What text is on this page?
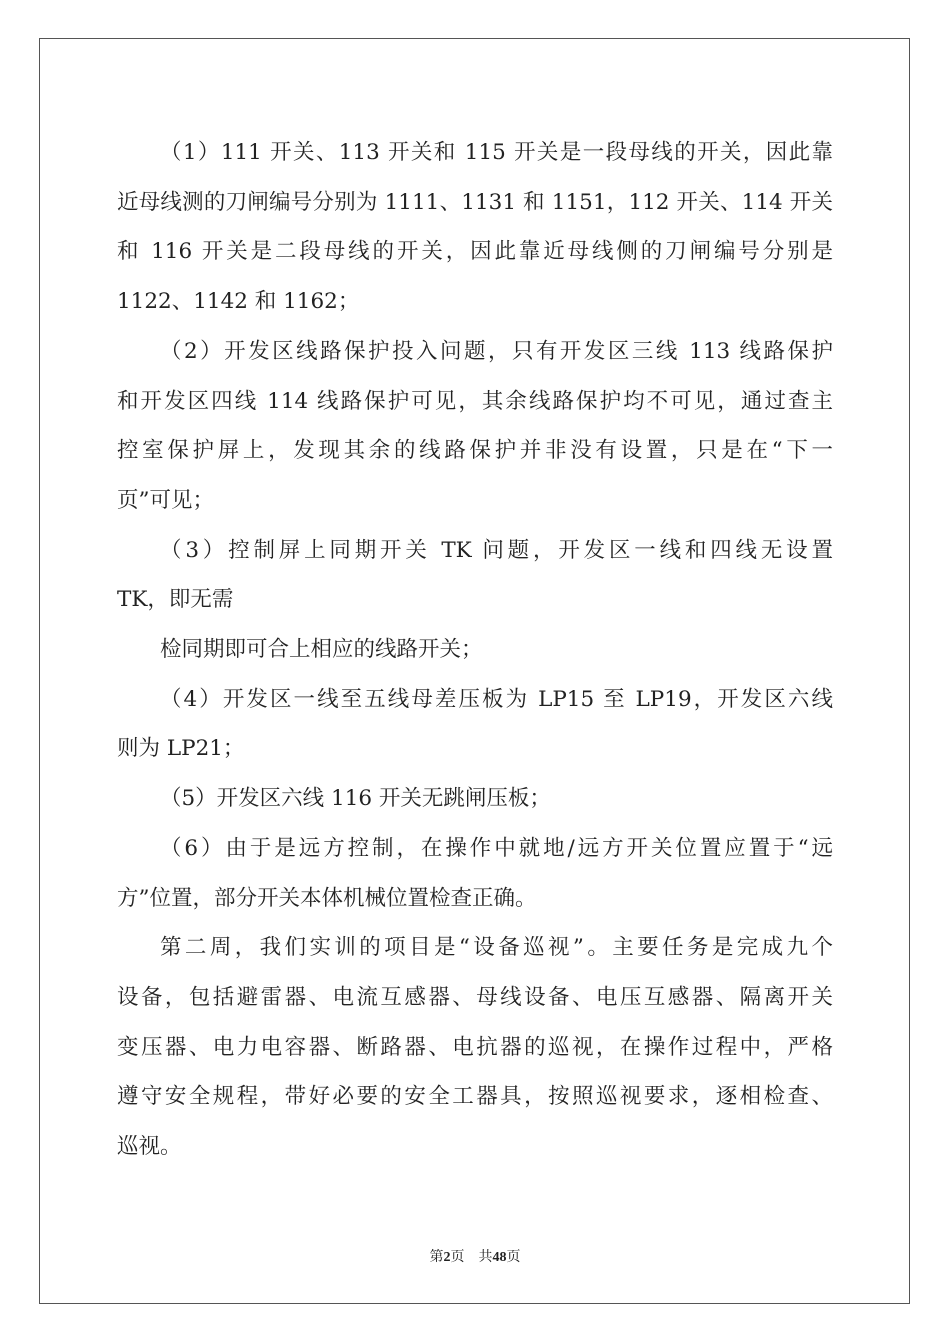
（1）111 开关、113 开关和 115 开关是一段母线的开关，因此靠
近母线测的刀闸编号分别为 1111、1131 和 1151，112 开关、114 开关
和 116 开关是二段母线的开关，因此靠近母线侧的刀闸编号分别是
1122、1142 和 1162；
（2）开发区线路保护投入问题，只有开发区三线 113 线路保护
和开发区四线 114 线路保护可见，其余线路保护均不可见，通过查主
控室保护屏上，发现其余的线路保护并非没有设置，只是在“下一
页”可见；
（3）控制屏上同期开关 TK 问题，开发区一线和四线无设置
TK，即无需
检同期即可合上相应的线路开关；
（4）开发区一线至五线母差压板为 LP15 至 LP19，开发区六线
则为 LP21；
（5）开发区六线 116 开关无跳闸压板；
（6）由于是远方控制，在操作中就地/远方开关位置应置于“远
方”位置，部分开关本体机械位置检查正确。
第二周，我们实训的项目是“设备巡视”。主要任务是完成九个
设备，包括避雷器、电流互感器、母线设备、电压互感器、隔离开关
变压器、电力电容器、断路器、电抗器的巡视，在操作过程中，严格
遵守安全规程，带好必要的安全工器具，按照巡视要求，逐相检查、
巡视。
第2页　共48页
